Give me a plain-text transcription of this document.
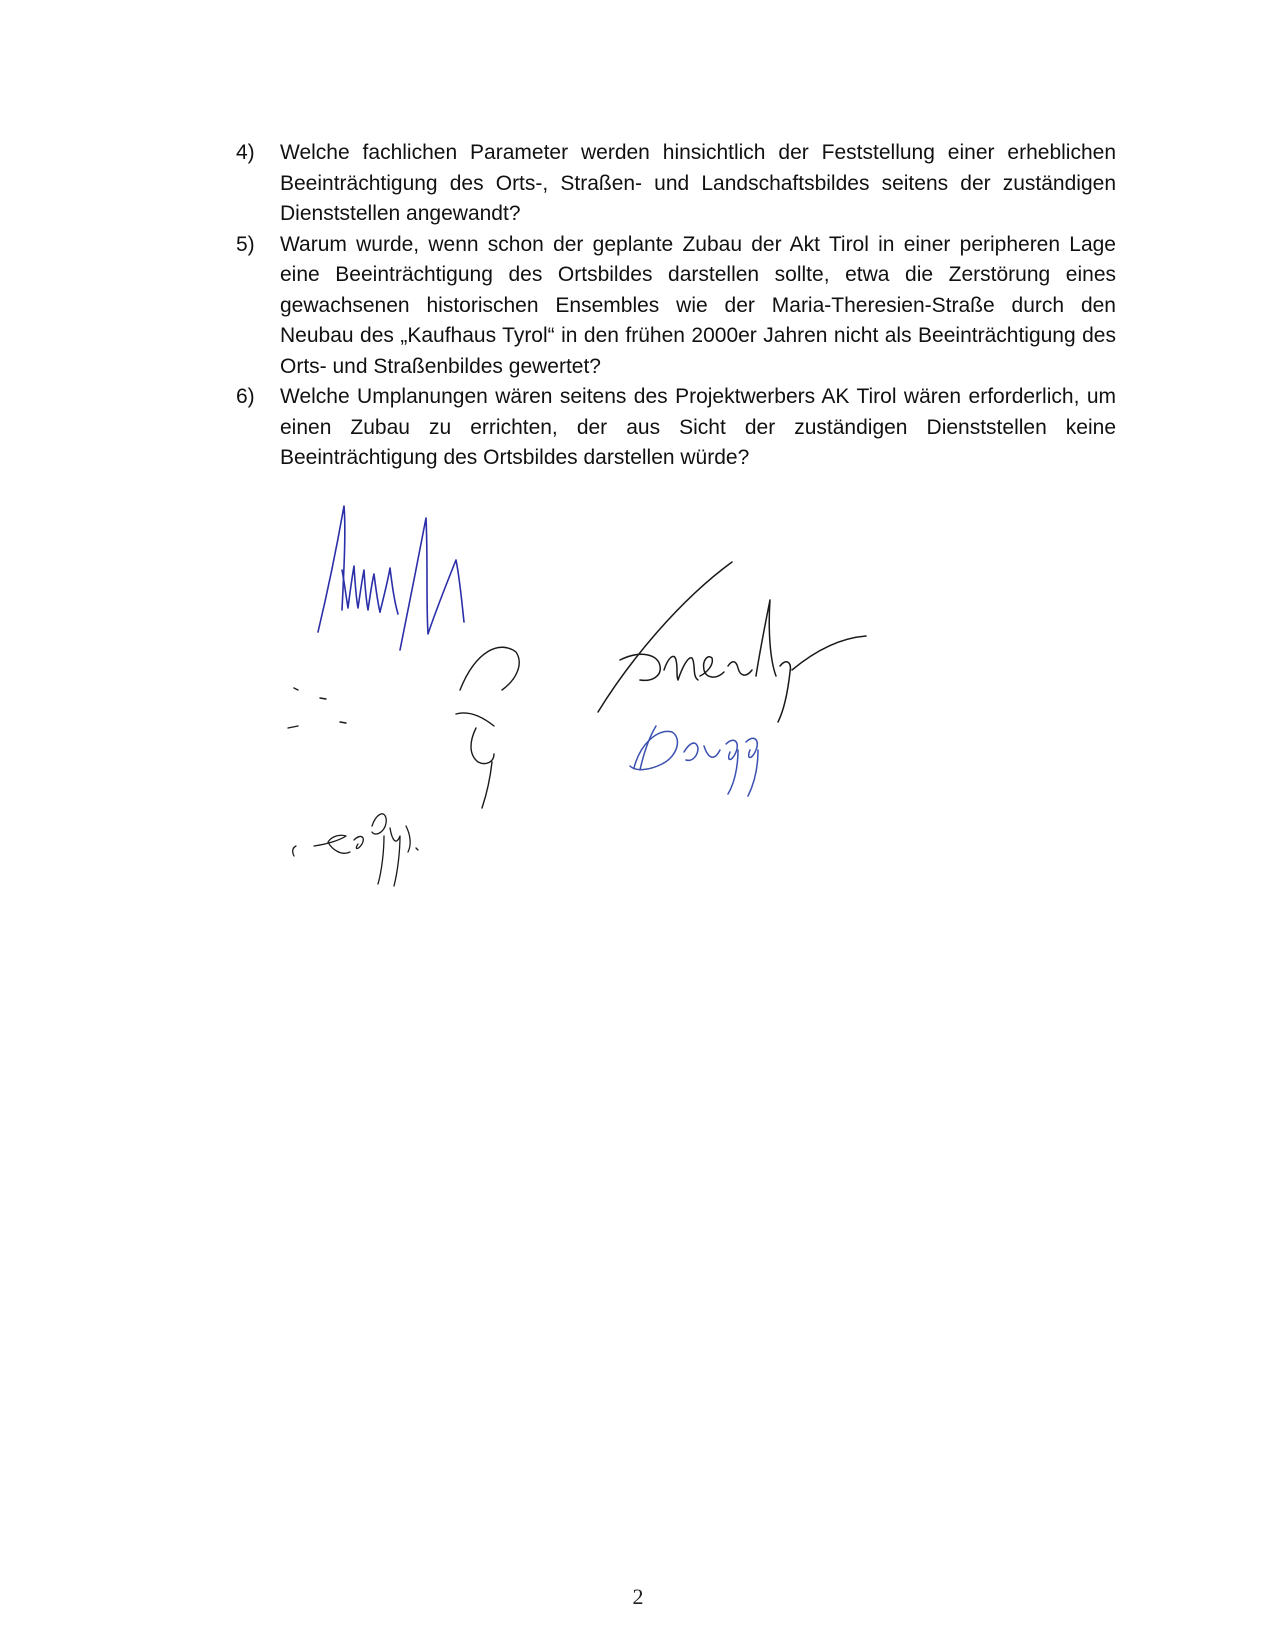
4)	Welche fachlichen Parameter werden hinsichtlich der Feststellung einer erheblichen Beeinträchtigung des Orts-, Straßen- und Landschaftsbildes seitens der zuständigen Dienststellen angewandt?
5)	Warum wurde, wenn schon der geplante Zubau der Akt Tirol in einer peripheren Lage eine Beeinträchtigung des Ortsbildes darstellen sollte, etwa die Zerstörung eines gewachsenen historischen Ensembles wie der Maria-Theresien-Straße durch den Neubau des „Kaufhaus Tyrol“ in den frühen 2000er Jahren nicht als Beeinträchtigung des Orts- und Straßenbildes gewertet?
6)	Welche Umplanungen wären seitens des Projektwerbers AK Tirol wären erforderlich, um einen Zubau zu errichten, der aus Sicht der zuständigen Dienststellen keine Beeinträchtigung des Ortsbildes darstellen würde?
2
